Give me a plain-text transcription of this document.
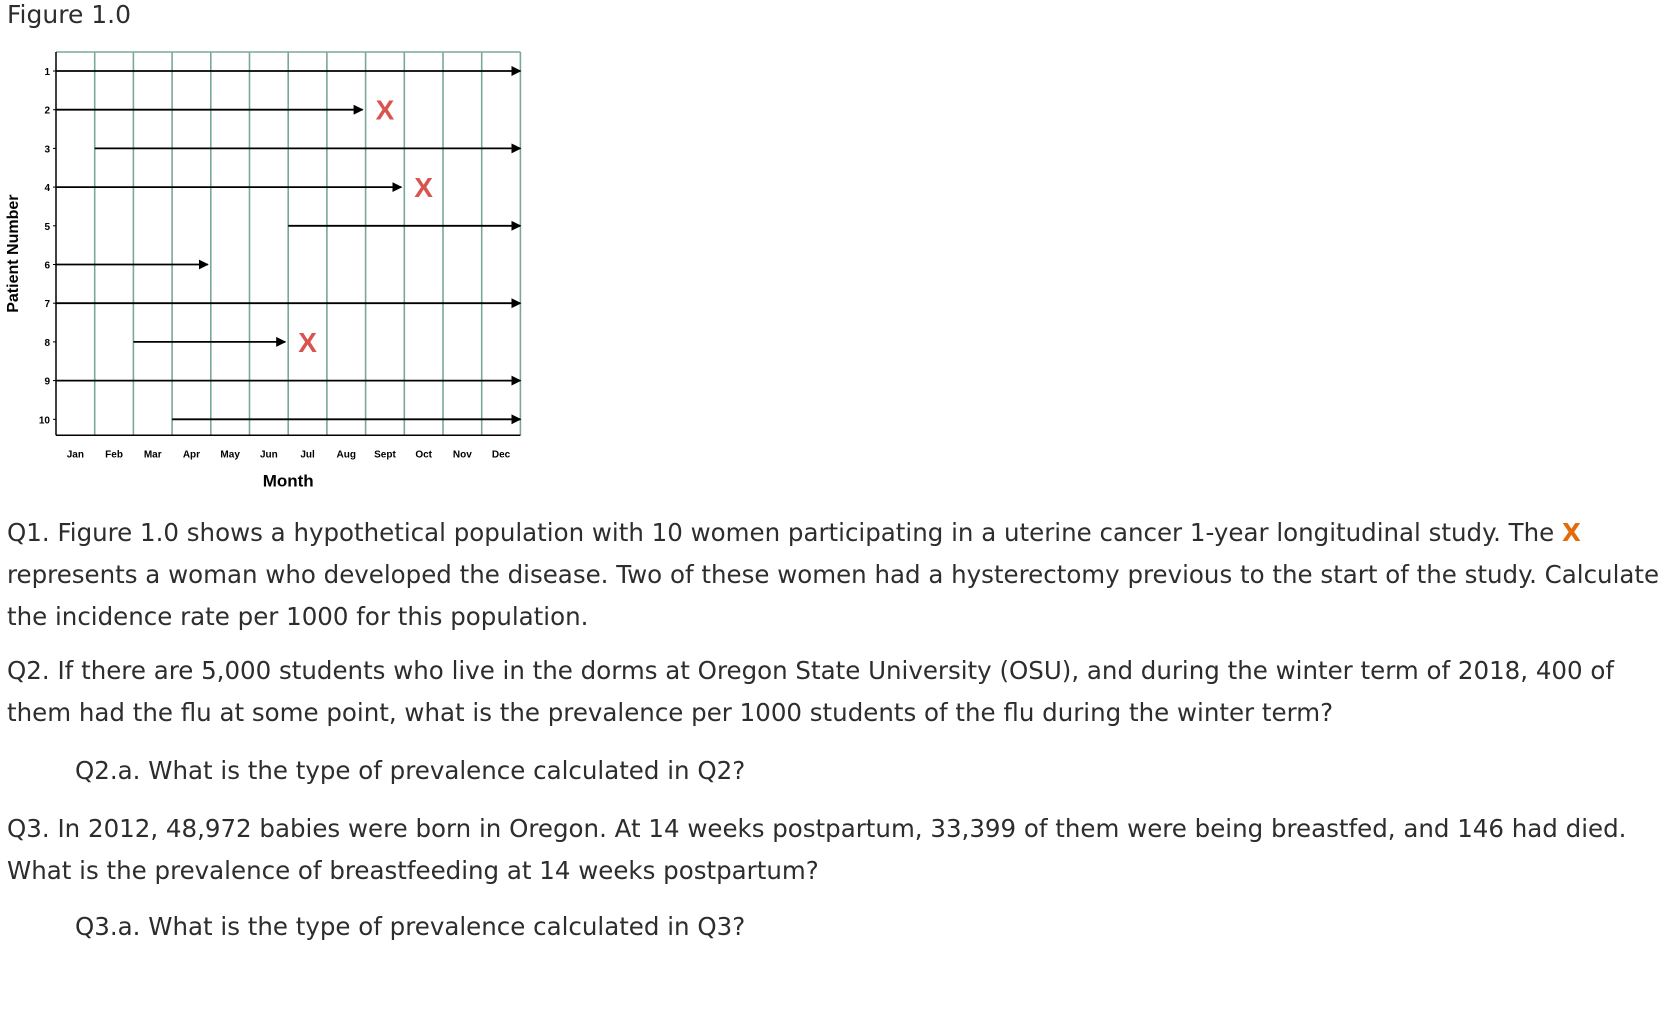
Figure 1.0
X
X
X
1
2
3
4
5
6
7
8
9
10
Jan Feb Mar Apr May Jun Jul Aug Sept Oct Nov Dec
Month
Patient Number
Q1. Figure 1.0 shows a hypothetical population with 10 women participating in a uterine cancer 1-year longitudinal study. The X
represents a woman who developed the disease. Two of these women had a hysterectomy previous to the start of the study. Calculate
the incidence rate per 1000 for this population.
Q2. If there are 5,000 students who live in the dorms at Oregon State University (OSU), and during the winter term of 2018, 400 of
them had the flu at some point, what is the prevalence per 1000 students of the flu during the winter term?
Q2.a. What is the type of prevalence calculated in Q2?
Q3. In 2012, 48,972 babies were born in Oregon. At 14 weeks postpartum, 33,399 of them were being breastfed, and 146 had died.
What is the prevalence of breastfeeding at 14 weeks postpartum?
Q3.a. What is the type of prevalence calculated in Q3?
